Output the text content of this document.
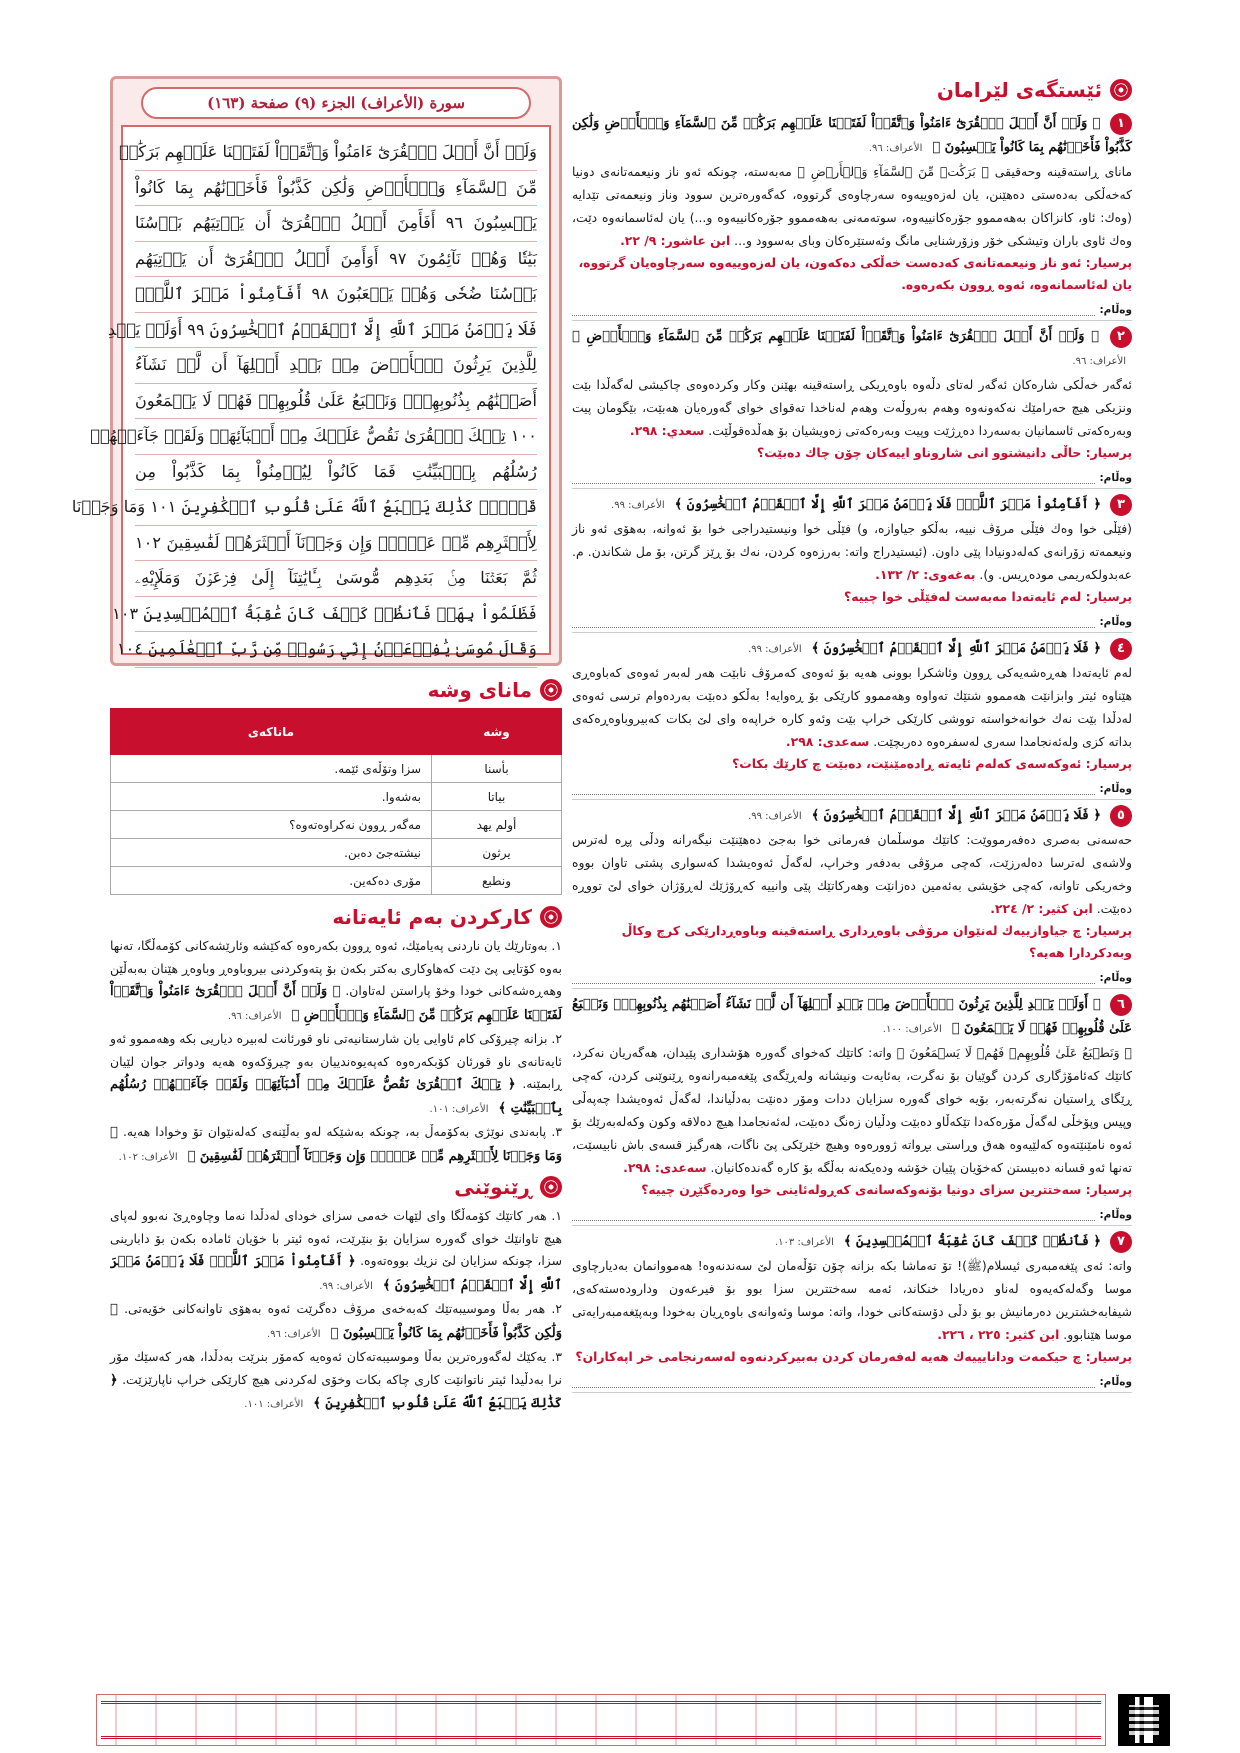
ئێستگەی لێرامان
١ ﴿ وَلَوۡ أَنَّ أَهۡلَ ٱلۡقُرَىٰٓ ءَامَنُواْ وَٱتَّقَوۡاْ لَفَتَحۡنَا عَلَيۡهِم بَرَكَٰتٖ مِّنَ ٱلسَّمَآءِ وَٱلۡأَرۡضِ وَلَٰكِن كَذَّبُواْ فَأَخَذۡنَٰهُم بِمَا كَانُواْ يَكۡسِبُونَ ﴾ الأعراف: ٩٦.
مانای ڕاستەقینە وحەقیقی ﴿ بَرَكَٰتٖ مِّنَ ٱلسَّمَآءِ وَٱلۡأَرۡضِ ﴾ مەبەستە، چونکە ئەو ناز ونیعمەتانەی دونیا کەخەڵکی بەدەستی دەهێنن، یان لەزەوییەوە سەرچاوەی گرتووە، کەگەورەترین سوود وناز ونیعمەتی تێدایە (وەك: ئاو، کانزاکان بەهەمموو جۆرەکانییەوە، سوتەمەنی بەهەمموو جۆرەکانییەوە و...) یان لەئاسمانەوە دێت، وەك ئاوی باران وتیشکی خۆر وزۆرشنایی مانگ وئەستێرەکان وبای بەسوود و... ابن عاشور: ٩/ ٢٢.
پرسیار: ئەو ناز ونیعمەتانەی کەدەست خەڵکی دەکەون، یان لەزەوییەوە سەرچاوەیان گرتووە، یان لەئاسمانەوە، ئەوە ڕوون بکەرەوە.
وەڵام:
٢ ﴿ وَلَوۡ أَنَّ أَهۡلَ ٱلۡقُرَىٰٓ ءَامَنُواْ وَٱتَّقَوۡاْ لَفَتَحۡنَا عَلَيۡهِم بَرَكَٰتٖ مِّنَ ٱلسَّمَآءِ وَٱلۡأَرۡضِ ﴾ الأعراف: ٩٦.
ئەگەر خەڵکی شارەکان ئەگەر لەتای دڵەوە باوەڕیکی ڕاستەقینە بهێنن وکار وکردەوەی چاکیشی لەگەڵدا بێت ونزیکی هیچ حەرامێك نەکەونەوە وهەم بەروڵەت وهەم لەناخدا تەقوای خوای گەورەیان هەبێت، بێگومان پیت وبەرەکەتی ئاسمانیان بەسەردا دەڕژێت وپیت وبەرەکەتی زەویشیان بۆ هەڵدەقوڵێت. سعدي: ٢٩٨.
پرسیار: حاڵی دانیشتوو انی شاروناو اییەکان چۆن چاك دەبێت؟
وەڵام:
٣ ﴿ أَفَأَمِنُواْ مَكۡرَ ٱللَّهِۚ فَلَا يَأۡمَنُ مَكۡرَ ٱللَّهِ إِلَّا ٱلۡقَوۡمُ ٱلۡخَٰسِرُونَ ﴾ الأعراف: ٩٩.
(فێڵی خوا وەك فێڵی مرۆڤ نییە، بەڵکو جیاوازە، و) فێڵی خوا ونیستیدراجی خوا بۆ ئەوانە، بەهۆی ئەو ناز ونیعمەتە زۆرانەی کەلەدونیادا پێی داون. (ئیستیدراج واتە: بەرزەوە کردن، نەك بۆ ڕێز گرتن، بۆ مل شکاندن. م. عەبدولکەریمی مودەڕیس. و). بەغەوی: ٢/ ١٣٢.
پرسیار: لەم ئایەتەدا مەبەست لەفێڵی خوا چییە؟
وەڵام:
٤ ﴿ فَلَا يَأۡمَنُ مَكۡرَ ٱللَّهِ إِلَّا ٱلۡقَوۡمُ ٱلۡخَٰسِرُونَ ﴾ الأعراف: ٩٩.
لەم ئایەتەدا هەڕەشەیەکی ڕوون وئاشکرا بوونی هەیە بۆ ئەوەی کەمرۆڤ نابێت هەر لەبەر ئەوەی کەباوەڕی هێناوە ئیتر وابزانێت هەمموو شتێك تەواوە وهەمموو کارێکی بۆ ڕەوایە! بەڵکو دەبێت بەردەوام ترسی ئەوەی لەدڵدا بێت نەك خوانەخواستە تووشی کارێکی خراپ بێت وئەو کارە خراپەە وای لێ بکات کەبیروباوەڕەکەی بداتە کزی ولەئەنجامدا سەری لەسفرەوە دەربچێت. سەعدی: ٢٩٨.
پرسیار: ئەوکەسەی کەلەم ئایەتە ڕادەمێنێت، دەبێت چ کارێك بکات؟
وەڵام:
٥ ﴿ فَلَا يَأۡمَنُ مَكۡرَ ٱللَّهِ إِلَّا ٱلۡقَوۡمُ ٱلۡخَٰسِرُونَ ﴾ الأعراف: ٩٩.
حەسەنی بەصری دەفەرمووێت: کاتێك موسڵمان فەرمانی خوا بەجێ دەهێنێت نیگەرانە ودڵی پڕە لەترس ولاشەی لەترسا دەلەرزێت، کەچی مرۆڤی بەدفەر وخراپ، لەگەڵ ئەوەیشدا کەسواری پشتی تاوان بووە وخەریکی تاوانە، کەچی خۆیشی بەئەمین دەزانێت وهەرکاتێك پێی وانییە کەڕۆژێك لەڕۆژان خوای لێ تووڕە دەبێت. ابن کثیر: ٢/ ٢٢٤.
پرسیار: چ جیاوازییەك لەنێوان مرۆڤی باوەڕداری ڕاستەقینە وباوەڕدارێکی کرچ وکاڵ وبەدکردارا هەیە؟
وەڵام:
٦ ﴿ أَوَلَمۡ يَهۡدِ لِلَّذِينَ يَرِثُونَ ٱلۡأَرۡضَ مِنۢ بَعۡدِ أَهۡلِهَآ أَن لَّوۡ نَشَآءُ أَصَبۡنَٰهُم بِذُنُوبِهِمۡۚ وَنَطۡبَعُ عَلَىٰ قُلُوبِهِمۡ فَهُمۡ لَا يَسۡمَعُونَ ﴾ الأعراف: ١٠٠.
﴿ وَنَطۡبَعُ عَلَىٰ قُلُوبِهِمۡ فَهُمۡ لَا يَسۡمَعُونَ ﴾ واتە: کاتێك کەخوای گەورە هۆشداری پێیدان، هەگەریان نەکرد، کاتێك کەئامۆژگاری کردن گوێیان بۆ نەگرت، بەئایەت ونیشانە ولەڕێگەی پێغەمبەرانەوە ڕێنوێنی کردن، کەچی ڕێگای ڕاستیان نەگرتەبەر، بۆیە خوای گەورە سزایان ددات ومۆر دەنێت بەدڵیاندا، لەگەڵ ئەوەیشدا چەپەڵی وپیس وپۆخڵی لەگەڵ مۆرەکەدا تێکەڵاو دەبێت ودڵیان زەنگ دەبێت، لەئەنجامدا هیچ دەلاقە وکون وکەلەبەرێك بۆ ئەوە نامێنێتەوە کەلێیەوە هەق وڕاستی بڕواتە ژوورەوە وهیچ خێرێکی پێ ناگات، هەرگیز قسەی باش نابیسێت، تەنها ئەو قسانە دەبیستن کەخۆیان پێیان خۆشە ودەیکەنە بەڵگە بۆ کارە گەندەکانیان. سەعدی: ٢٩٨.
پرسیار: سەختترین سزای دونیا بۆنەوکەسانەی کەڕولەئاینی خوا وەردەگێڕن چییە؟
وەڵام:
٧ ﴿ فَٱنظُرۡ كَيۡفَ كَانَ عَٰقِبَةُ ٱلۡمُفۡسِدِينَ ﴾ الأعراف: ١٠٣.
واتە: ئەی پێغەمبەری ئیسلام(ﷺ)! تۆ تەماشا بکە بزانە چۆن تۆڵەمان لێ سەندنەوە! هەمووانمان بەدیارچاوی موسا وگەلەکەیەوە لەناو دەریادا خنکاند، ئەمە سەختترین سزا بوو بۆ فیرعەون ودارودەستەکەی، شیفابەخشترین دەرمانیش بو بۆ دڵی دۆستەکانی خودا، واتە: موسا وئەوانەی باوەڕیان بەخودا وبەپێغەمبەرایەتی موسا هێنابوو. ابن کثیر: ٢٢٥ ، ٢٢٦.
پرسیار: چ حیکمەت ودانایییەك هەیە لەفەرمان کردن بەبیرکردنەوە لەسەرنجامی خر اپەکاران؟
وەڵام:
سورة (الأعراف) الجزء (٩) صفحة (١٦٣)
وَلَوۡ أَنَّ أَهۡلَ ٱلۡقُرَىٰٓ ءَامَنُواْ وَٱتَّقَوۡاْ لَفَتَحۡنَا عَلَيۡهِم بَرَكَٰتٖ
مِّنَ ٱلسَّمَآءِ وَٱلۡأَرۡضِ وَلَٰكِن كَذَّبُواْ فَأَخَذۡنَٰهُم بِمَا كَانُواْ
يَكۡسِبُونَ ٩٦ أَفَأَمِنَ أَهۡلُ ٱلۡقُرَىٰٓ أَن يَأۡتِيَهُم بَأۡسُنَا
بَيَٰتٗا وَهُمۡ نَآئِمُونَ ٩٧ أَوَأَمِنَ أَهۡلُ ٱلۡقُرَىٰٓ أَن يَأۡتِيَهُم
بَأۡسُنَا ضُحٗى وَهُمۡ يَلۡعَبُونَ ٩٨ أَفَأَمِنُواْ مَكۡرَ ٱللَّهِۚ
فَلَا يَأۡمَنُ مَكۡرَ ٱللَّهِ إِلَّا ٱلۡقَوۡمُ ٱلۡخَٰسِرُونَ ٩٩ أَوَلَمۡ يَهۡدِ
لِلَّذِينَ يَرِثُونَ ٱلۡأَرۡضَ مِنۢ بَعۡدِ أَهۡلِهَآ أَن لَّوۡ نَشَآءُ
أَصَبۡنَٰهُم بِذُنُوبِهِمۡۚ وَنَطۡبَعُ عَلَىٰ قُلُوبِهِمۡ فَهُمۡ لَا يَسۡمَعُونَ
١٠٠ تِلۡكَ ٱلۡقُرَىٰ نَقُصُّ عَلَيۡكَ مِنۡ أَنۢبَآئِهَاۚ وَلَقَدۡ جَآءَتۡهُمۡ
رُسُلُهُم بِٱلۡبَيِّنَٰتِ فَمَا كَانُواْ لِيُؤۡمِنُواْ بِمَا كَذَّبُواْ مِن
قَبۡلُۚ كَذَٰلِكَ يَطۡبَعُ ٱللَّهُ عَلَىٰ قُلُوبِ ٱلۡكَٰفِرِينَ ١٠١ وَمَا وَجَدۡنَا
لِأَكۡثَرِهِم مِّنۡ عَهۡدٖۖ وَإِن وَجَدۡنَآ أَكۡثَرَهُمۡ لَفَٰسِقِينَ ١٠٢
ثُمَّ بَعَثۡنَا مِنۢ بَعۡدِهِم مُّوسَىٰ بِـَٔايَٰتِنَآ إِلَىٰ فِرۡعَوۡنَ وَمَلَإِيْهِۦ
فَظَلَمُواْ بِهَاۖ فَٱنظُرۡ كَيۡفَ كَانَ عَٰقِبَةُ ٱلۡمُفۡسِدِينَ ١٠٣
وَقَالَ مُوسَىٰ يَٰفِرۡعَوۡنُ إِنِّي رَسُولٞ مِّن رَّبِّ ٱلۡعَٰلَمِينَ ١٠٤
مانای وشە
وشە	ماناکەی
بأسنا	سزا وتۆڵەی ئێمە.
بیاتا	بەشەوا.
أولم یهد	مەگەر ڕوون نەکراوەتەوە؟
یرثون	نیشتەجێ دەبن.
ونطبع	مۆری دەکەین.
کارکردن بەم ئایەتانە
١. بەوتارێك یان ناردنی پەیامێك، ئەوە ڕوون بکەرەوە کەکێشە وئارێشەکانی کۆمەڵگا، تەنها بەوە کۆتایی پێ دێت کەهاوکاری بەکتر بکەن بۆ پتەوکردنی بیروباوەڕ وباوەڕ هێنان بەبەڵێن وهەڕەشەکانی خودا وخۆ پاراستن لەتاوان. ﴿ وَلَوۡ أَنَّ أَهۡلَ ٱلۡقُرَىٰٓ ءَامَنُواْ وَٱتَّقَوۡاْ لَفَتَحۡنَا عَلَيۡهِم بَرَكَٰتٖ مِّنَ ٱلسَّمَآءِ وَٱلۡأَرۡضِ ﴾ الأعراف: ٩٦.
٢. بزانە چیرۆکی کام ئاوایی یان شارستانیەتی ناو قورئانت لەبیرە دیاریی بکە وهەمموو ئەو ئایەتانەی ناو قورئان کۆبکەرەوە کەپەیوەندییان بەو چیرۆکەوە هەیە ودواتر جوان لێیان ڕابمێنە. ﴿ تِلۡكَ ٱلۡقُرَىٰ نَقُصُّ عَلَيۡكَ مِنۡ أَنۢبَآئِهَاۚ وَلَقَدۡ جَآءَتۡهُمۡ رُسُلُهُم بِٱلۡبَيِّنَٰتِ ﴾ الأعراف: ١٠١.
٣. پابەندی نوێژی بەکۆمەڵ بە، چونکە بەشێکە لەو بەڵێنەی کەلەنێوان تۆ وخوادا هەیە. ﴿ وَمَا وَجَدۡنَا لِأَكۡثَرِهِم مِّنۡ عَهۡدٖۖ وَإِن وَجَدۡنَآ أَكۡثَرَهُمۡ لَفَٰسِقِينَ ﴾ الأعراف: ١٠٢.
ڕێنوێنی
١. هەر کاتێك کۆمەڵگا وای لێهات خەمی سزای خودای لەدڵدا نەما وچاوەڕێ نەبوو لەپای هیچ تاوانێك خوای گەورە سزایان بۆ بنێرێت، ئەوە ئیتر با خۆیان ئامادە بکەن بۆ دابارینی سزا، چونکە سزایان لێ نزیك بووەتەوە. ﴿ أَفَأَمِنُواْ مَكۡرَ ٱللَّهِۚ فَلَا يَأۡمَنُ مَكۡرَ ٱللَّهِ إِلَّا ٱلۡقَوۡمُ ٱلۡخَٰسِرُونَ ﴾ الأعراف: ٩٩.
٢. هەر بەڵا وموسیبەتێك کەبەخەی مرۆڤ دەگرێت ئەوە بەهۆی تاوانەکانی خۆیەتی. ﴿ وَلَٰكِن كَذَّبُواْ فَأَخَذۡنَٰهُم بِمَا كَانُواْ يَكۡسِبُونَ ﴾ الأعراف: ٩٦.
٣. یەکێك لەگەورەترین بەڵا وموسیبەتەکان ئەوەیە کەمۆر بنرێت بەدڵدا، هەر کەسێك مۆر نرا بەدڵیدا ئیتر ناتوانێت کاری چاکە بکات وخۆی لەکردنی هیچ کارێکی خراپ ناپارێزێت. ﴿ كَذَٰلِكَ يَطۡبَعُ ٱللَّهُ عَلَىٰ قُلُوبِ ٱلۡكَٰفِرِينَ ﴾ الأعراف: ١٠١.
